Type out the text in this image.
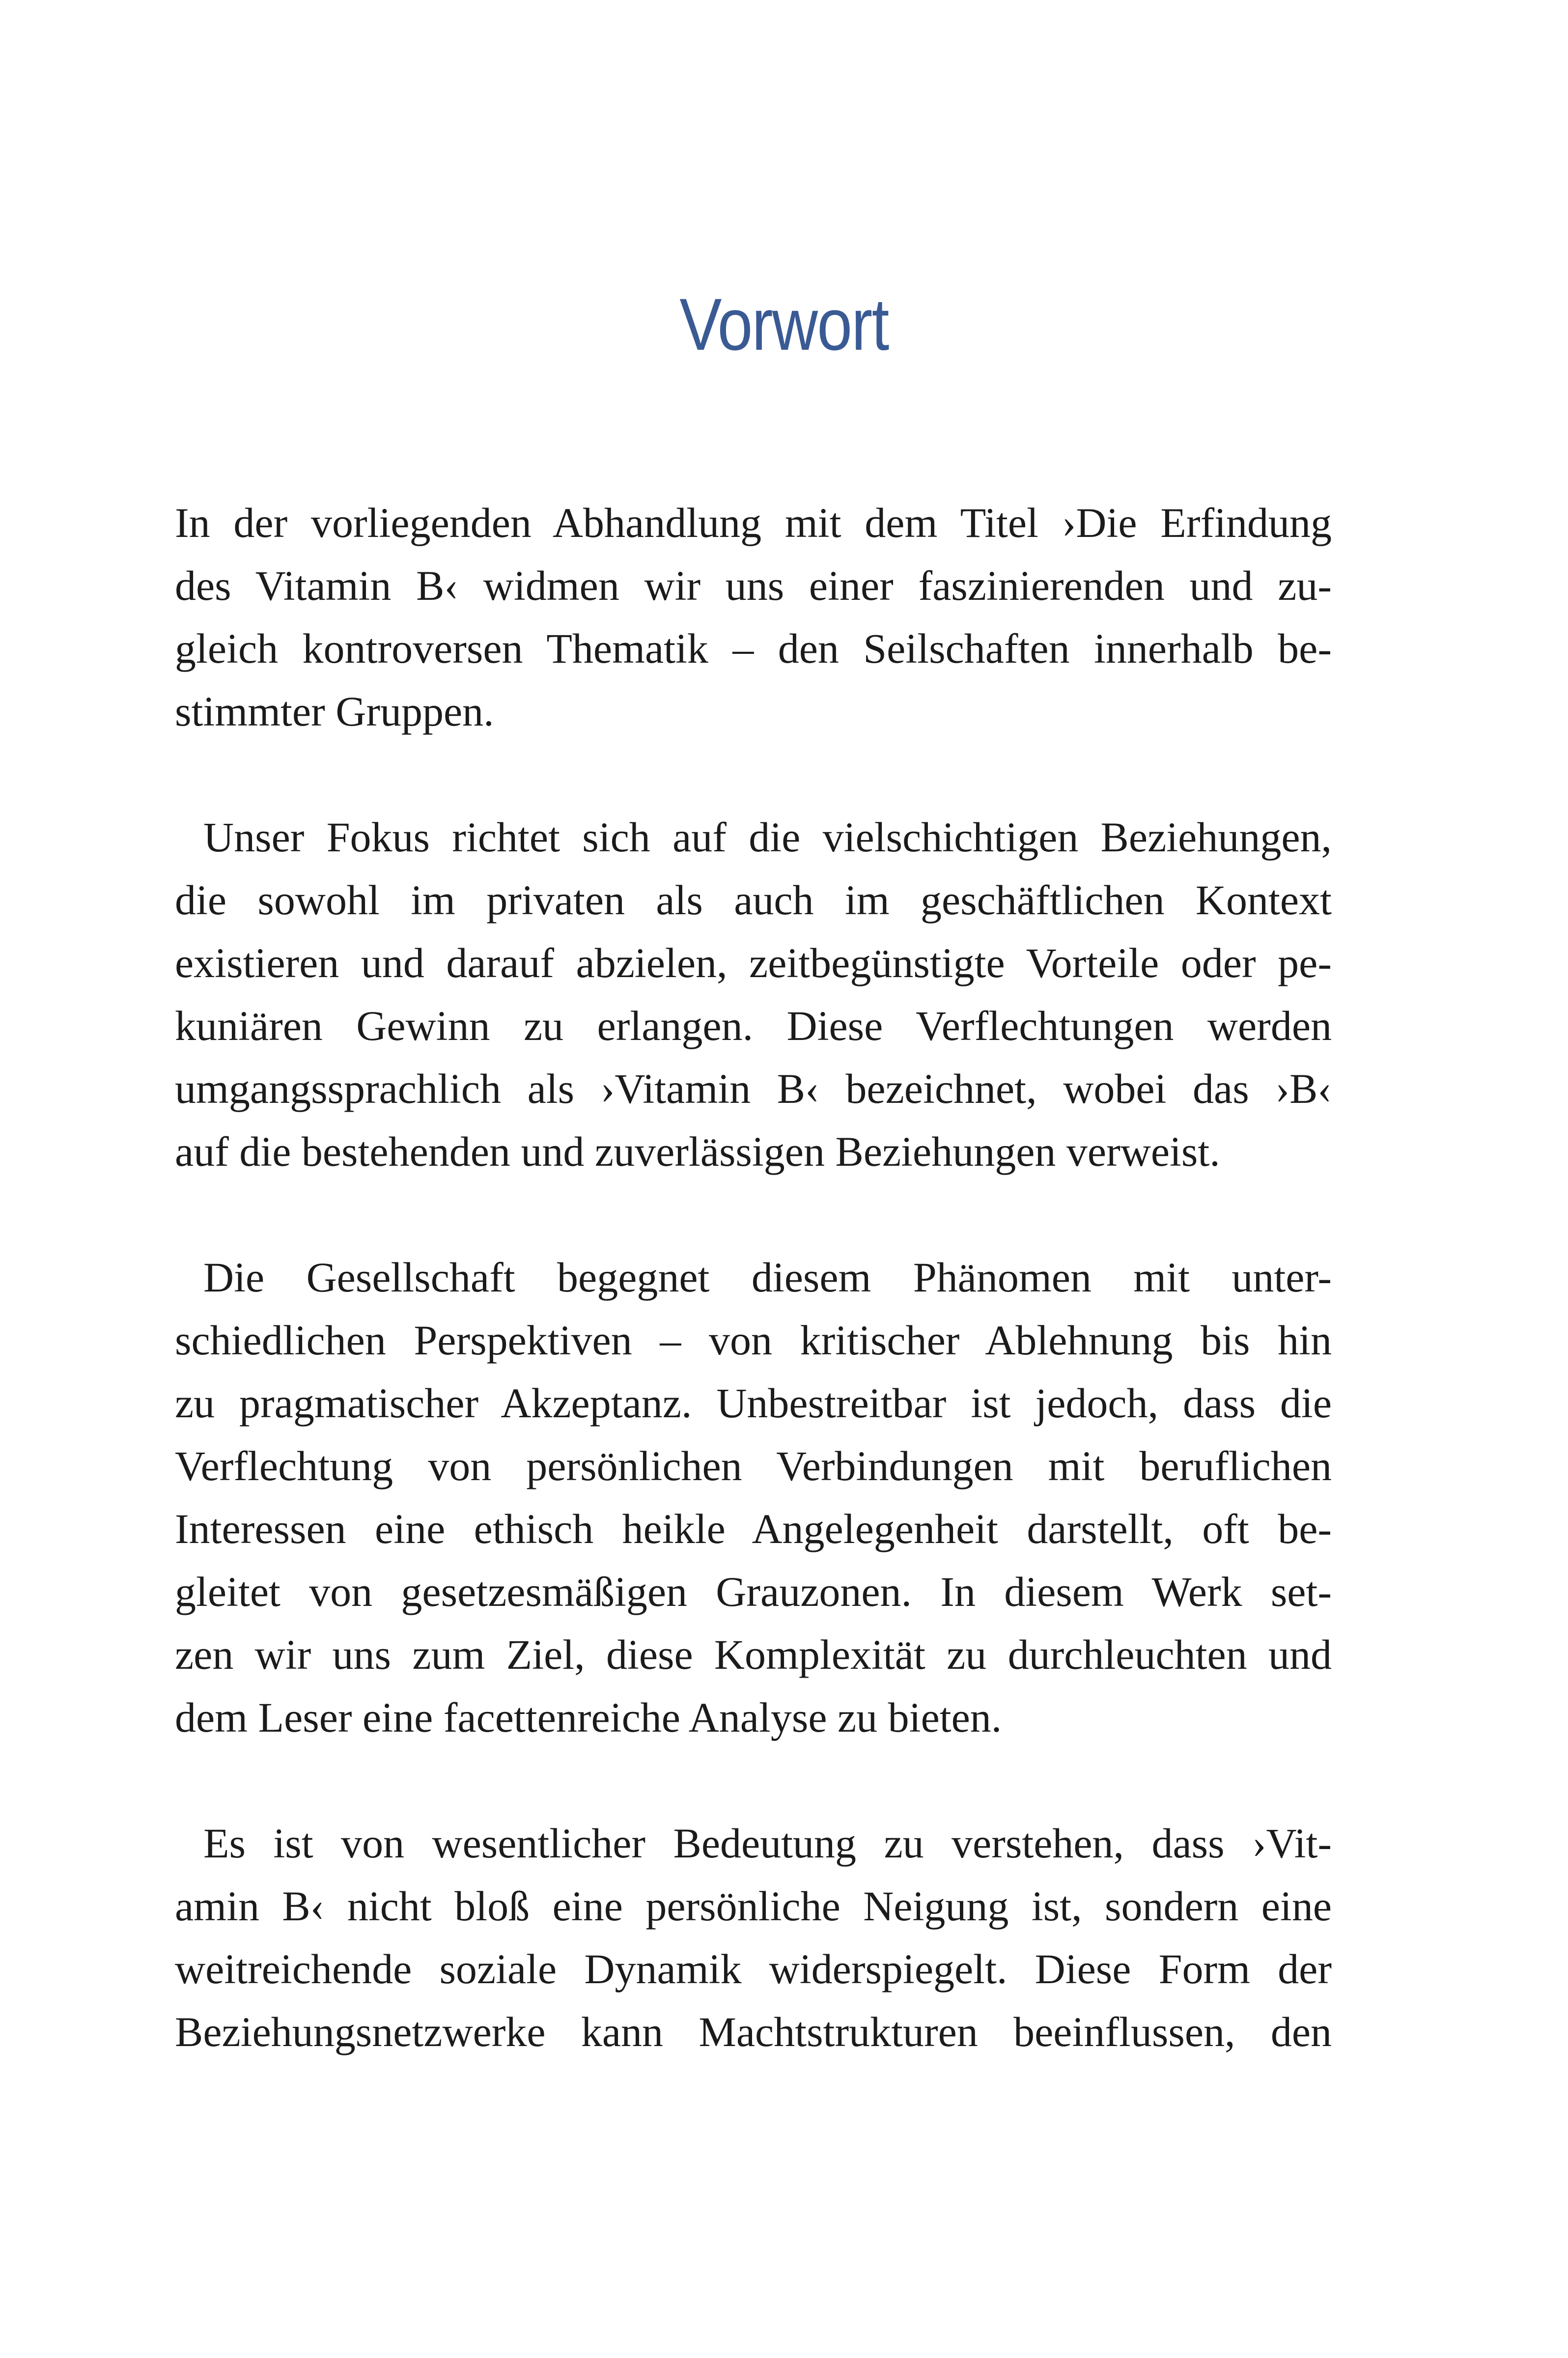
Vorwort
In der vorliegenden Abhandlung mit dem Titel ›Die Erfindung
des Vitamin B‹ widmen wir uns einer faszinierenden und zu-
gleich kontroversen Thematik – den Seilschaften innerhalb be-
stimmter Gruppen.
Unser Fokus richtet sich auf die vielschichtigen Beziehungen,
die sowohl im privaten als auch im geschäftlichen Kontext
existieren und darauf abzielen, zeitbegünstigte Vorteile oder pe-
kuniären Gewinn zu erlangen. Diese Verflechtungen werden
umgangssprachlich als ›Vitamin B‹ bezeichnet, wobei das ›B‹
auf die bestehenden und zuverlässigen Beziehungen verweist.
Die Gesellschaft begegnet diesem Phänomen mit unter-
schiedlichen Perspektiven – von kritischer Ablehnung bis hin
zu pragmatischer Akzeptanz. Unbestreitbar ist jedoch, dass die
Verflechtung von persönlichen Verbindungen mit beruflichen
Interessen eine ethisch heikle Angelegenheit darstellt, oft be-
gleitet von gesetzesmäßigen Grauzonen. In diesem Werk set-
zen wir uns zum Ziel, diese Komplexität zu durchleuchten und
dem Leser eine facettenreiche Analyse zu bieten.
Es ist von wesentlicher Bedeutung zu verstehen, dass ›Vit-
amin B‹ nicht bloß eine persönliche Neigung ist, sondern eine
weitreichende soziale Dynamik widerspiegelt. Diese Form der
Beziehungsnetzwerke kann Machtstrukturen beeinflussen, den
